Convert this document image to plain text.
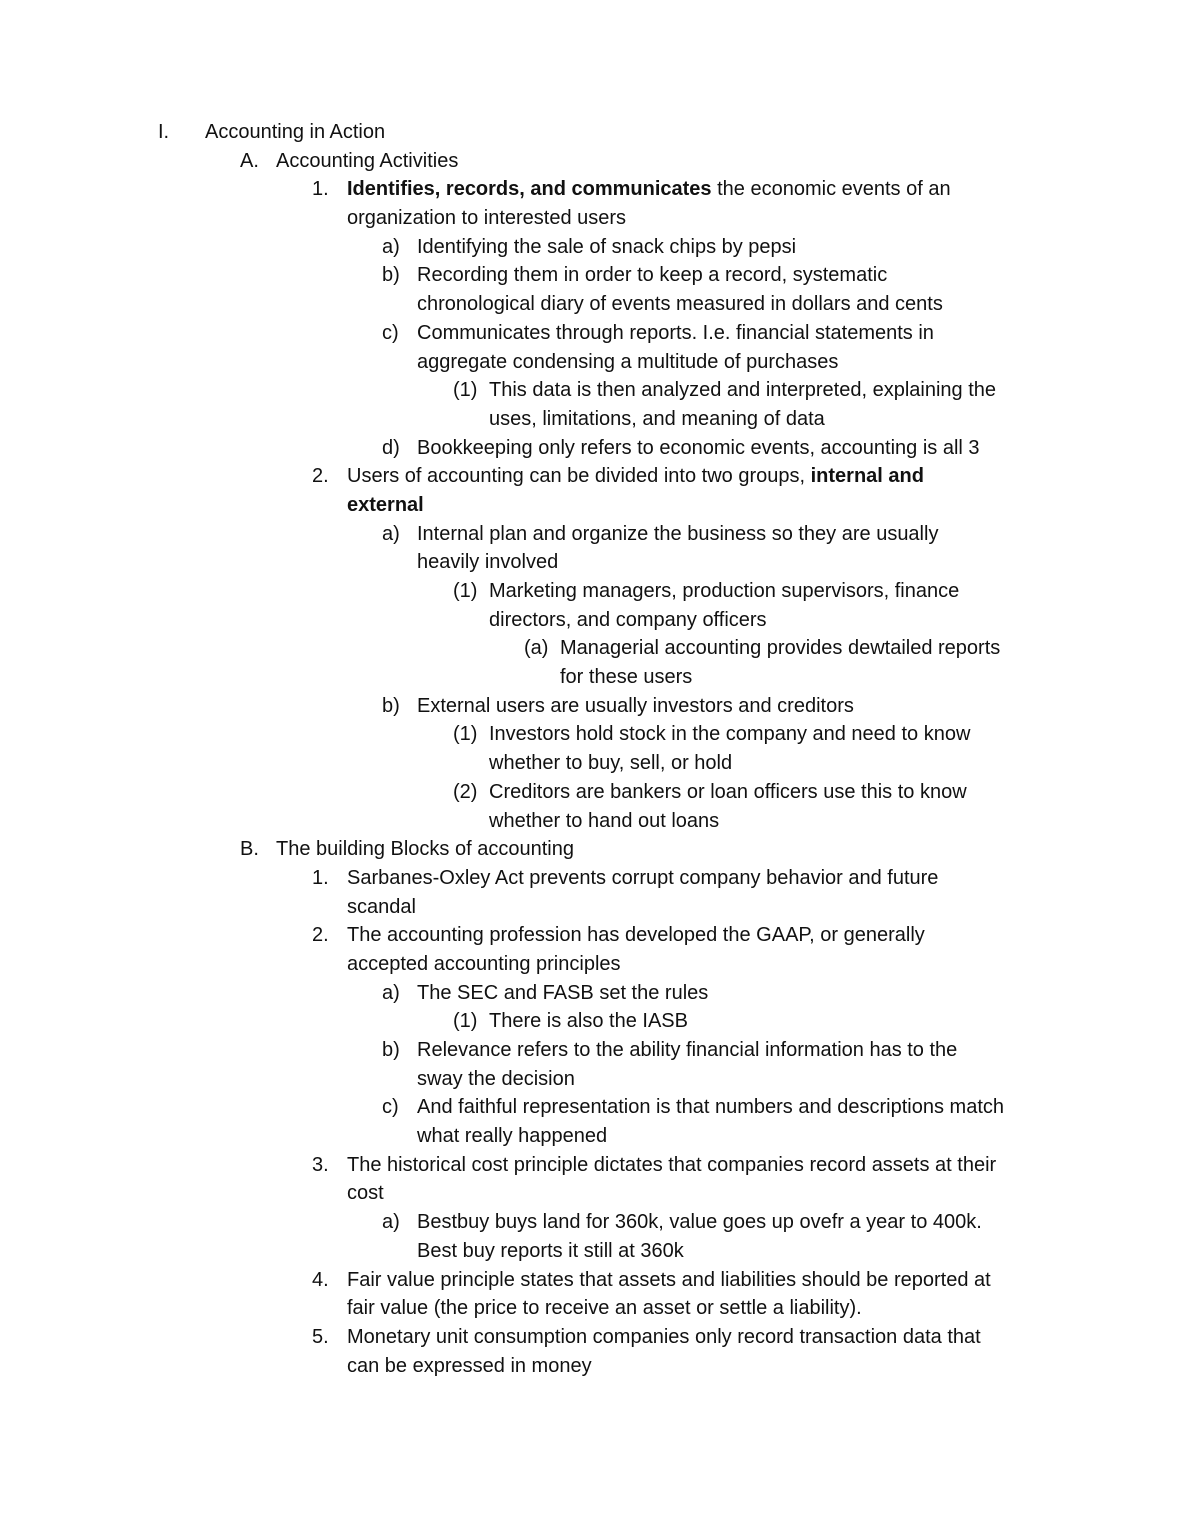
I. Accounting in Action
A. Accounting Activities
1. Identifies, records, and communicates the economic events of an
organization to interested users
a) Identifying the sale of snack chips by pepsi
b) Recording them in order to keep a record, systematic
chronological diary of events measured in dollars and cents
c) Communicates through reports. I.e. financial statements in
aggregate condensing a multitude of purchases
(1) This data is then analyzed and interpreted, explaining the
uses, limitations, and meaning of data
d) Bookkeeping only refers to economic events, accounting is all 3
2. Users of accounting can be divided into two groups, internal and
external
a) Internal plan and organize the business so they are usually
heavily involved
(1) Marketing managers, production supervisors, finance
directors, and company officers
(a) Managerial accounting provides dewtailed reports
for these users
b) External users are usually investors and creditors
(1) Investors hold stock in the company and need to know
whether to buy, sell, or hold
(2) Creditors are bankers or loan officers use this to know
whether to hand out loans
B. The building Blocks of accounting
1. Sarbanes-Oxley Act prevents corrupt company behavior and future
scandal
2. The accounting profession has developed the GAAP, or generally
accepted accounting principles
a) The SEC and FASB set the rules
(1) There is also the IASB
b) Relevance refers to the ability financial information has to the
sway the decision
c) And faithful representation is that numbers and descriptions match
what really happened
3. The historical cost principle dictates that companies record assets at their
cost
a) Bestbuy buys land for 360k, value goes up ovefr a year to 400k.
Best buy reports it still at 360k
4. Fair value principle states that assets and liabilities should be reported at
fair value (the price to receive an asset or settle a liability).
5. Monetary unit consumption companies only record transaction data that
can be expressed in money
